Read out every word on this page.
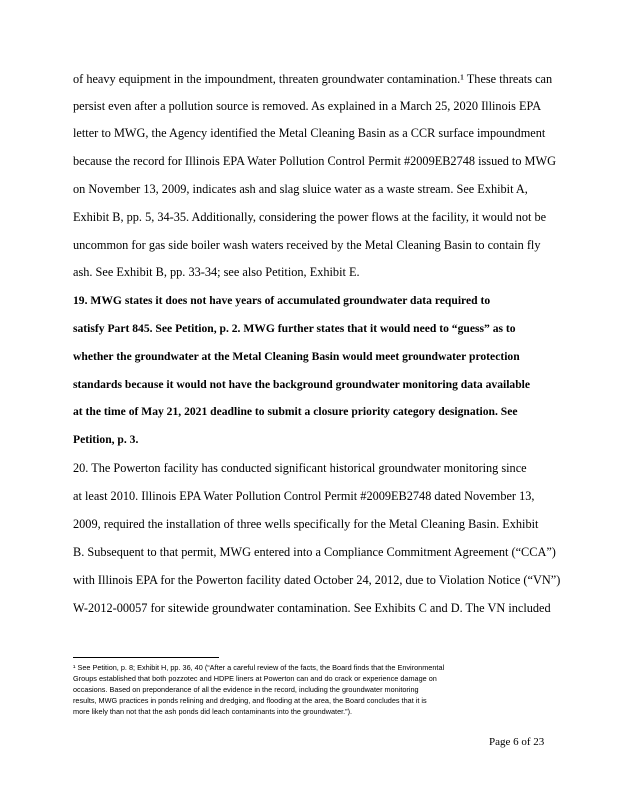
of heavy equipment in the impoundment, threaten groundwater contamination.¹ These threats can
persist even after a pollution source is removed. As explained in a March 25, 2020 Illinois EPA
letter to MWG, the Agency identified the Metal Cleaning Basin as a CCR surface impoundment
because the record for Illinois EPA Water Pollution Control Permit #2009EB2748 issued to MWG
on November 13, 2009, indicates ash and slag sluice water as a waste stream. See Exhibit A,
Exhibit B, pp. 5, 34-35. Additionally, considering the power flows at the facility, it would not be
uncommon for gas side boiler wash waters received by the Metal Cleaning Basin to contain fly
ash. See Exhibit B, pp. 33-34; see also Petition, Exhibit E.
19. MWG states it does not have years of accumulated groundwater data required to
satisfy Part 845. See Petition, p. 2. MWG further states that it would need to “guess” as to
whether the groundwater at the Metal Cleaning Basin would meet groundwater protection
standards because it would not have the background groundwater monitoring data available
at the time of May 21, 2021 deadline to submit a closure priority category designation. See
Petition, p. 3.
20. The Powerton facility has conducted significant historical groundwater monitoring since
at least 2010. Illinois EPA Water Pollution Control Permit #2009EB2748 dated November 13,
2009, required the installation of three wells specifically for the Metal Cleaning Basin. Exhibit
B. Subsequent to that permit, MWG entered into a Compliance Commitment Agreement (“CCA”)
with Illinois EPA for the Powerton facility dated October 24, 2012, due to Violation Notice (“VN”)
W-2012-00057 for sitewide groundwater contamination. See Exhibits C and D. The VN included
¹ See Petition, p. 8; Exhibit H, pp. 36, 40 (“After a careful review of the facts, the Board finds that the Environmental
Groups established that both pozzotec and HDPE liners at Powerton can and do crack or experience damage on
occasions. Based on preponderance of all the evidence in the record, including the groundwater monitoring
results, MWG practices in ponds relining and dredging, and flooding at the area, the Board concludes that it is
more likely than not that the ash ponds did leach contaminants into the groundwater.”).
Page 6 of 23
